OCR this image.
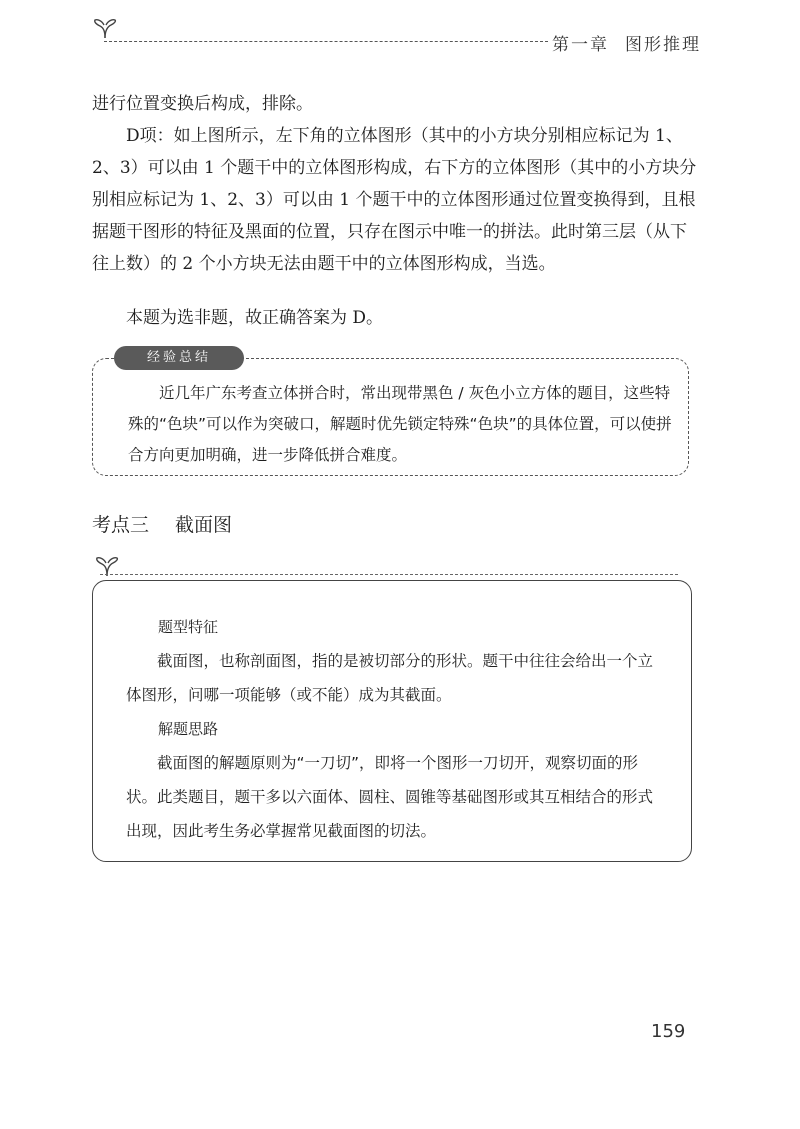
第一章 图形推理

进行位置变换后构成，排除。

D项：如上图所示，左下角的立体图形（其中的小方块分别相应标记为 1、2、3）可以由 1 个题干中的立体图形构成，右下方的立体图形（其中的小方块分别相应标记为 1、2、3）可以由 1 个题干中的立体图形通过位置变换得到，且根据题干图形的特征及黑面的位置，只存在图示中唯一的拼法。此时第三层（从下往上数）的 2 个小方块无法由题干中的立体图形构成，当选。

本题为选非题，故正确答案为 D。

经验总结

近几年广东考查立体拼合时，常出现带黑色 / 灰色小立方体的题目，这些特殊的“色块”可以作为突破口，解题时优先锁定特殊“色块”的具体位置，可以使拼合方向更加明确，进一步降低拼合难度。

考点三 截面图

题型特征

截面图，也称剖面图，指的是被切部分的形状。题干中往往会给出一个立体图形，问哪一项能够（或不能）成为其截面。

解题思路

截面图的解题原则为“一刀切”，即将一个图形一刀切开，观察切面的形状。此类题目，题干多以六面体、圆柱、圆锥等基础图形或其互相结合的形式出现，因此考生务必掌握常见截面图的切法。

159
